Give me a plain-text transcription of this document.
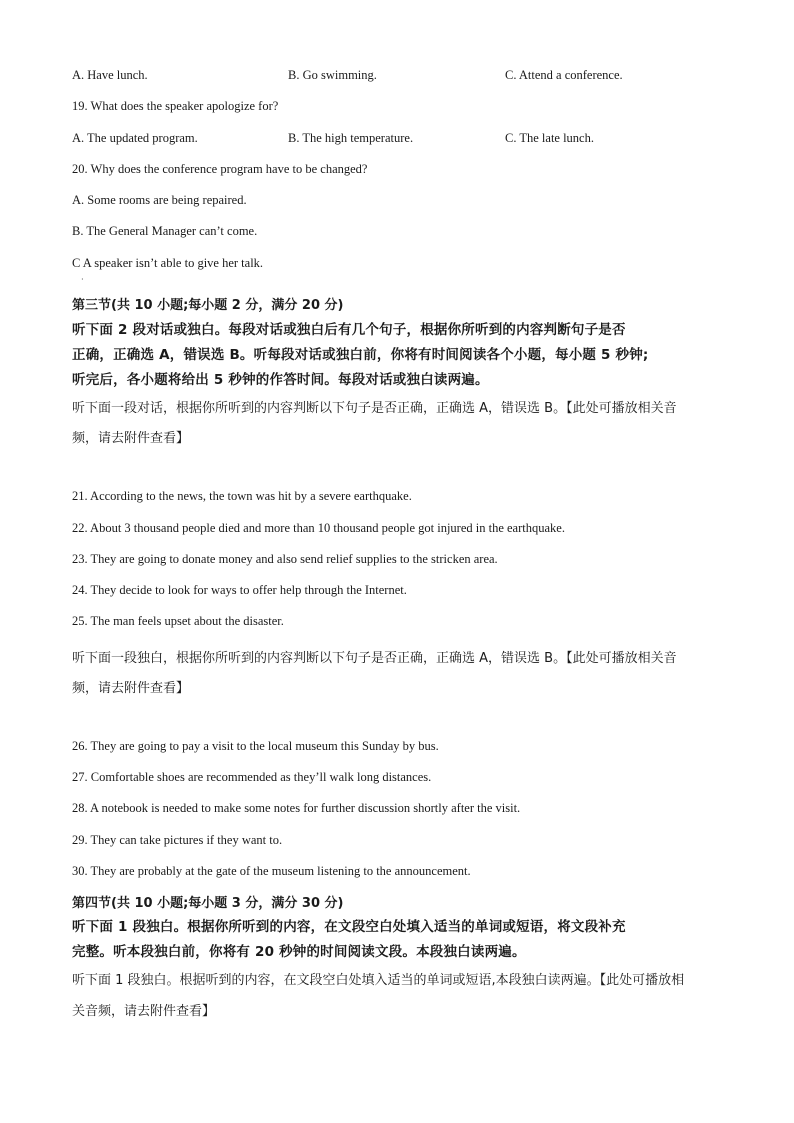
A. Have lunch.	B. Go swimming.	C. Attend a conference.
19. What does the speaker apologize for?
A. The updated program.	B. The high temperature.	C. The late lunch.
20. Why does the conference program have to be changed?
A. Some rooms are being repaired.
B. The General Manager can’t come.
C A speaker isn’t able to give her talk.
·
第三节(共 10 小题;每小题 2 分，满分 20 分)
听下面 2 段对话或独白。每段对话或独白后有几个句子，根据你所听到的内容判断句子是否
正确，正确选 A，错误选 B。听每段对话或独白前，你将有时间阅读各个小题，每小题 5 秒钟;
听完后，各小题将给出 5 秒钟的作答时间。每段对话或独白读两遍。
听下面一段对话，根据你所听到的内容判断以下句子是否正确，正确选 A，错误选 B。【此处可播放相关音
频，请去附件查看】
21. According to the news, the town was hit by a severe earthquake.
22. About 3 thousand people died and more than 10 thousand people got injured in the earthquake.
23. They are going to donate money and also send relief supplies to the stricken area.
24. They decide to look for ways to offer help through the Internet.
25. The man feels upset about the disaster.
听下面一段独白，根据你所听到的内容判断以下句子是否正确，正确选 A，错误选 B。【此处可播放相关音
频，请去附件查看】
26. They are going to pay a visit to the local museum this Sunday by bus.
27. Comfortable shoes are recommended as they’ll walk long distances.
28. A notebook is needed to make some notes for further discussion shortly after the visit.
29. They can take pictures if they want to.
30. They are probably at the gate of the museum listening to the announcement.
第四节(共 10 小题;每小题 3 分，满分 30 分)
听下面 1 段独白。根据你所听到的内容，在文段空白处填入适当的单词或短语，将文段补充
完整。听本段独白前，你将有 20 秒钟的时间阅读文段。本段独白读两遍。
听下面 1 段独白。根据听到的内容，在文段空白处填入适当的单词或短语,本段独白读两遍。【此处可播放相
关音频，请去附件查看】
